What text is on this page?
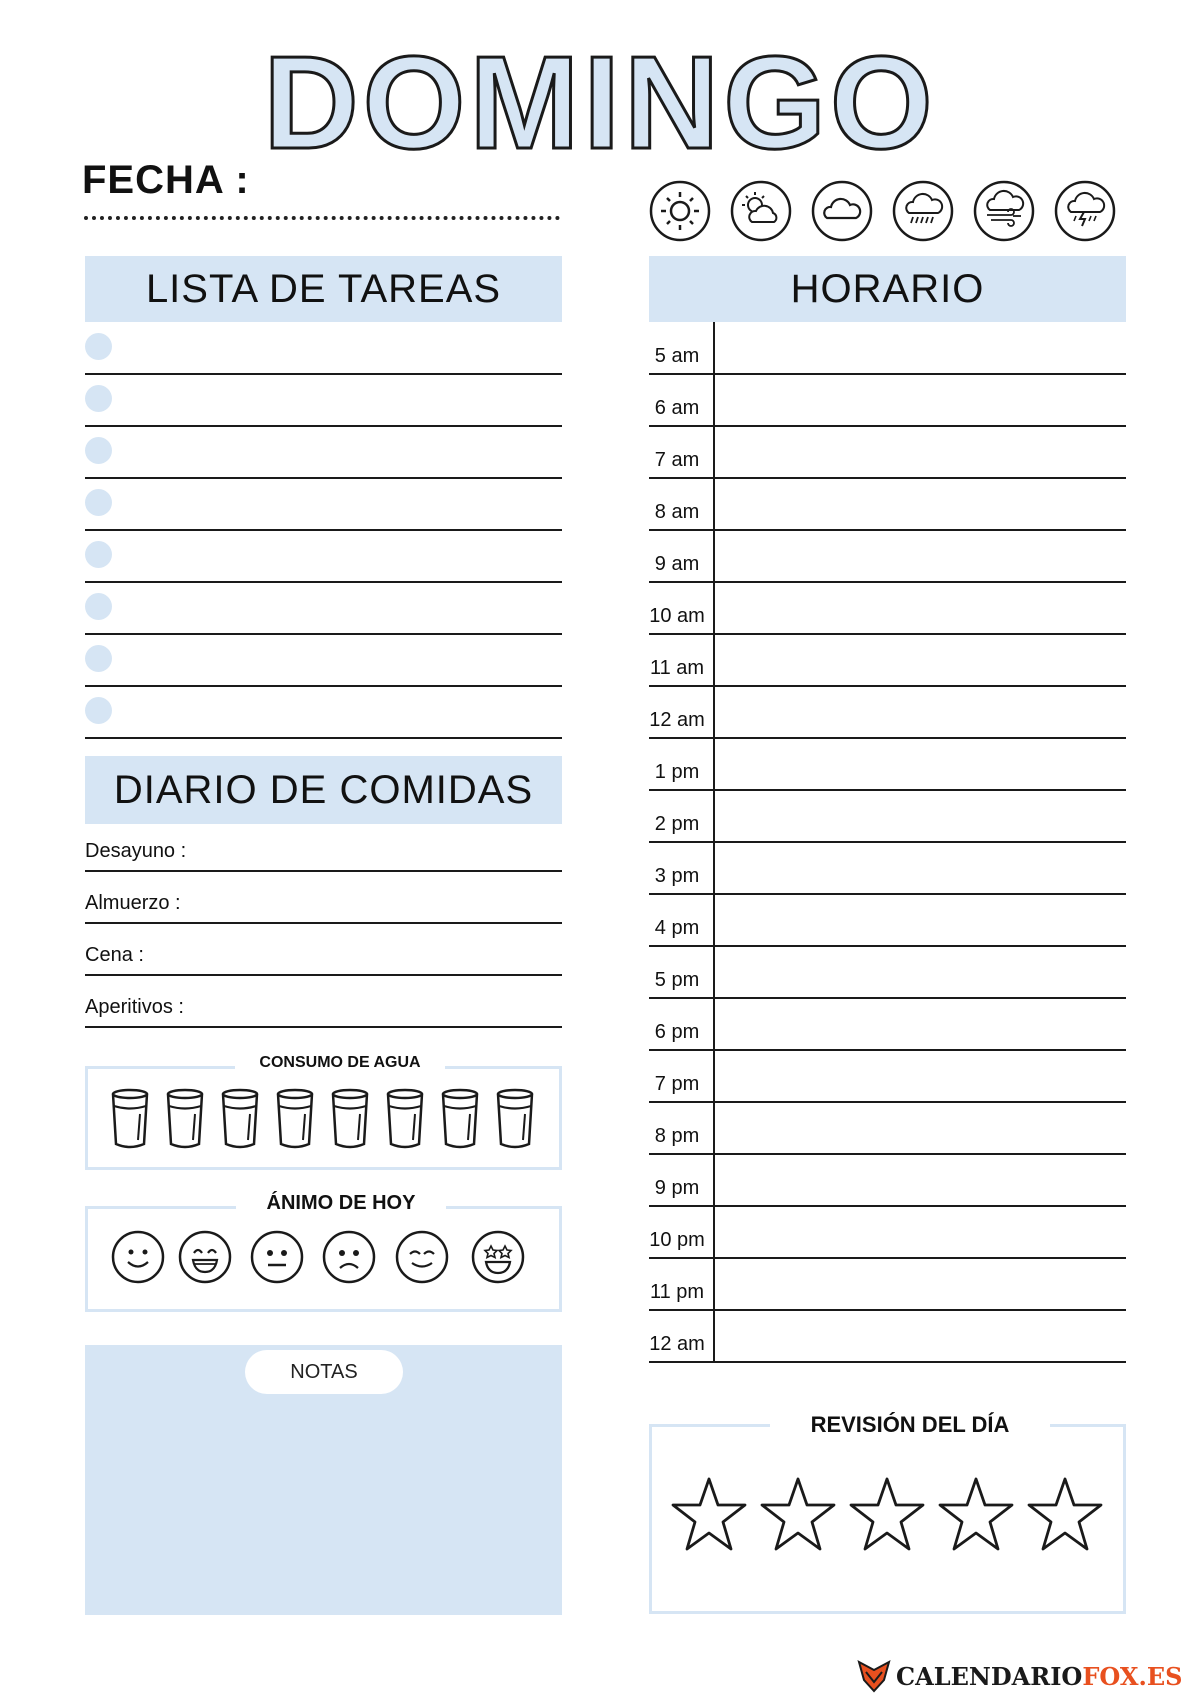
DOMINGO
FECHA :
LISTA DE TAREAS
DIARIO DE COMIDAS
Desayuno :
Almuerzo :
Cena :
Aperitivos :
CONSUMO DE AGUA
ÁNIMO DE HOY
NOTAS
HORARIO
5 am
6 am
7 am
8 am
9 am
10 am
11 am
12 am
1 pm
2 pm
3 pm
4 pm
5 pm
6 pm
7 pm
8 pm
9 pm
10 pm
11 pm
12 am
REVISIÓN DEL DÍA
CALENDARIO FOX.ES
